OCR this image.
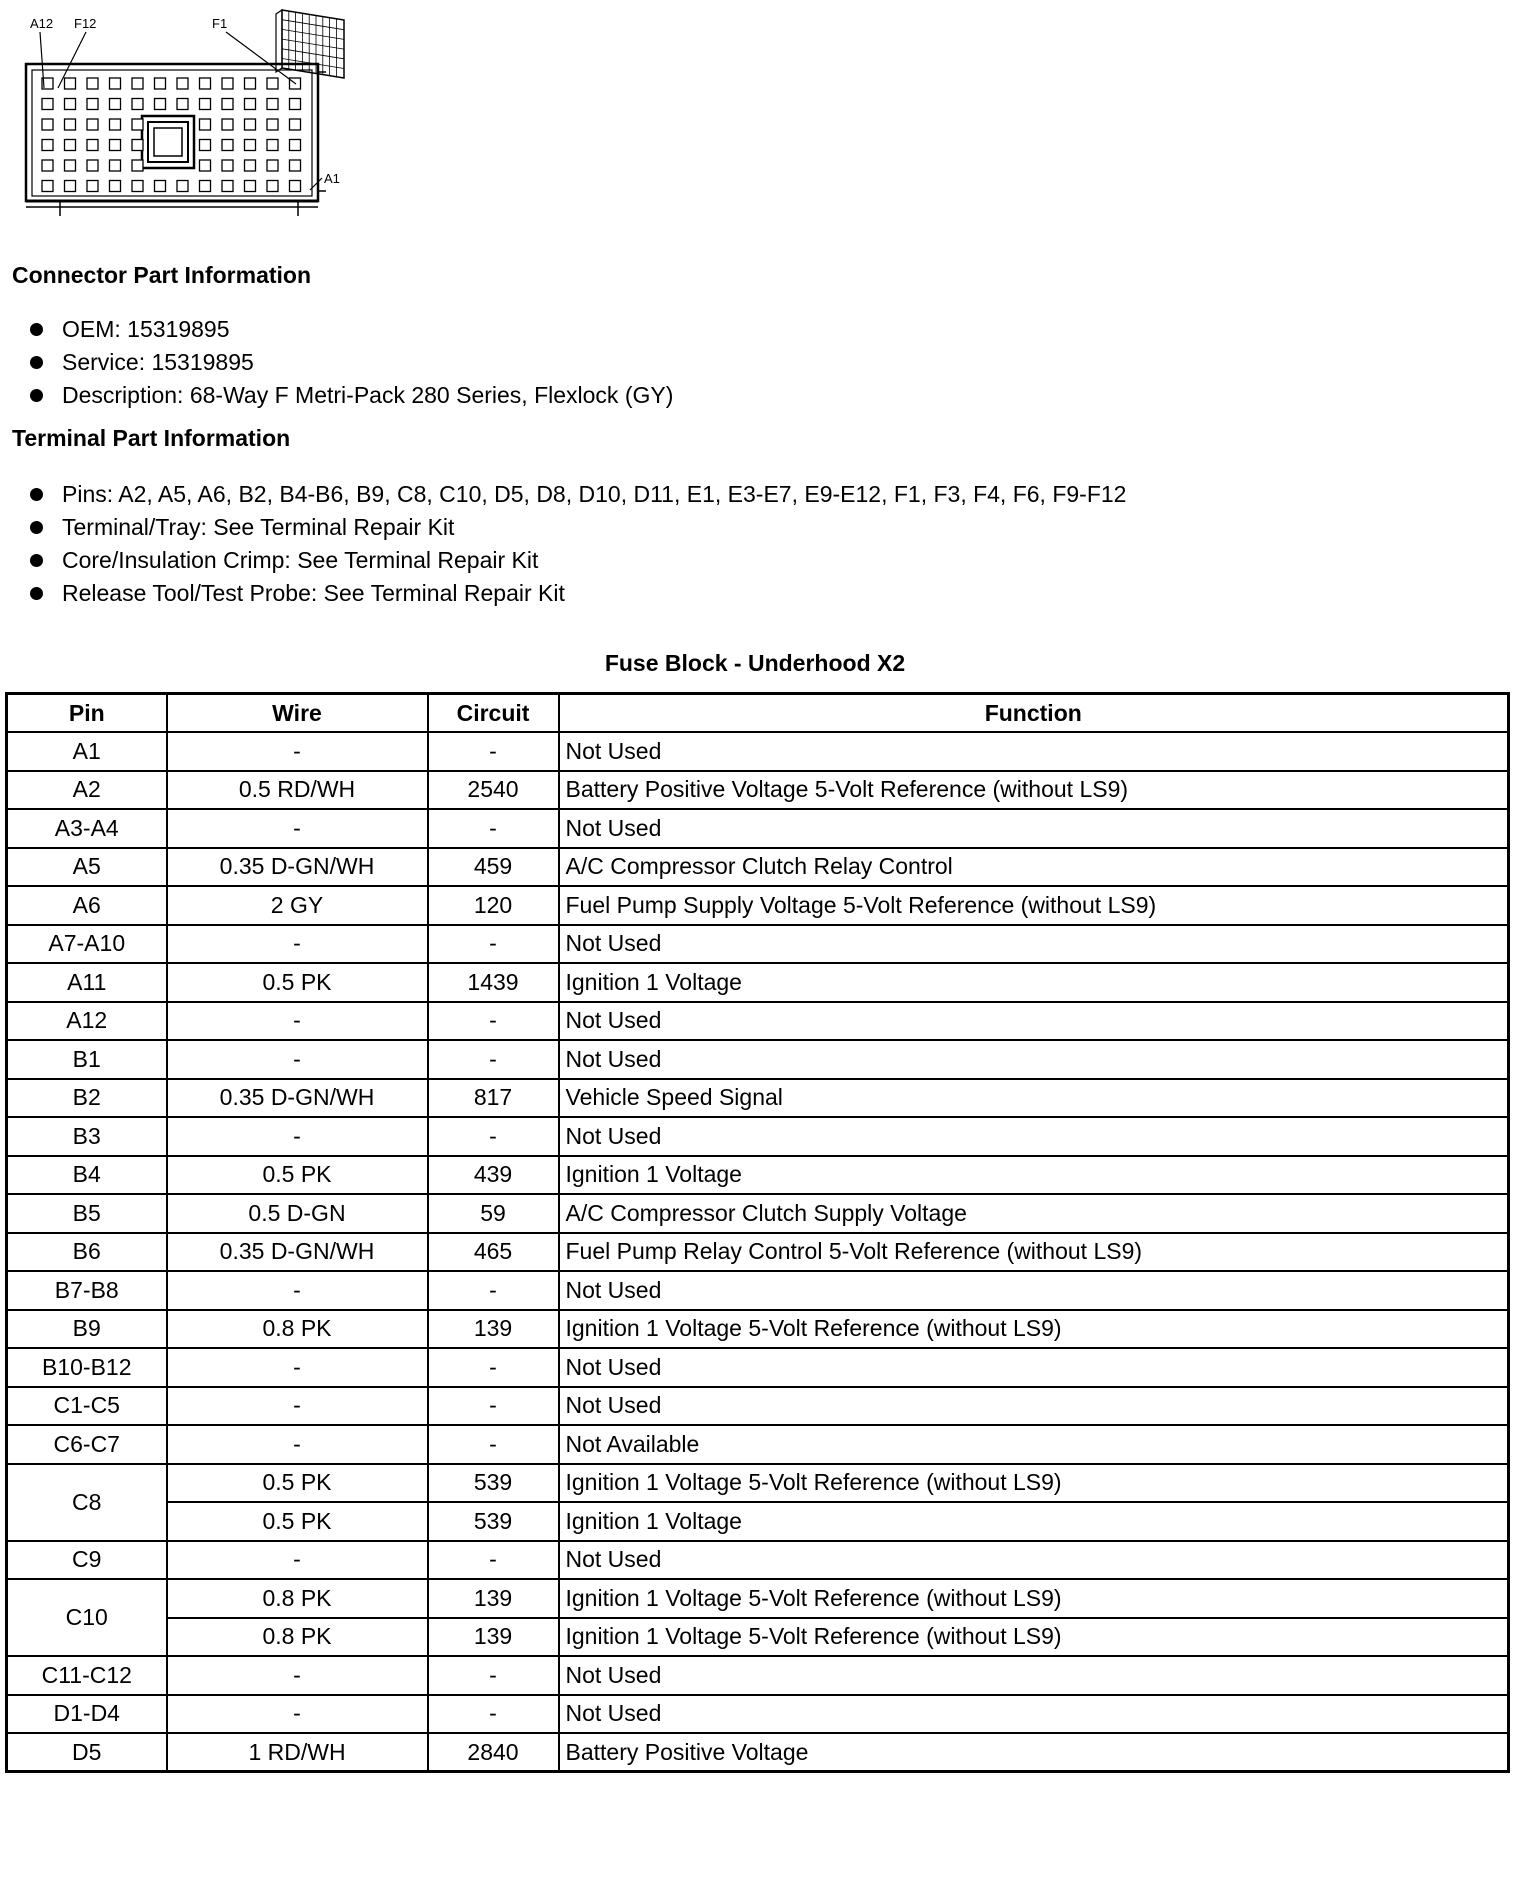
A12 F12	F1
A1
Connector Part Information
OEM: 15319895
Service: 15319895
Description: 68-Way F Metri-Pack 280 Series, Flexlock (GY)
Terminal Part Information
Pins: A2, A5, A6, B2, B4-B6, B9, C8, C10, D5, D8, D10, D11, E1, E3-E7, E9-E12, F1, F3, F4, F6, F9-F12
Terminal/Tray: See Terminal Repair Kit
Core/Insulation Crimp: See Terminal Repair Kit
Release Tool/Test Probe: See Terminal Repair Kit
Fuse Block - Underhood X2
Pin	Wire	Circuit	Function
A1	-	-	Not Used
A2	0.5 RD/WH	2540	Battery Positive Voltage 5-Volt Reference (without LS9)
A3-A4	-	-	Not Used
A5	0.35 D-GN/WH	459	A/C Compressor Clutch Relay Control
A6	2 GY	120	Fuel Pump Supply Voltage 5-Volt Reference (without LS9)
A7-A10	-	-	Not Used
A11	0.5 PK	1439	Ignition 1 Voltage
A12	-	-	Not Used
B1	-	-	Not Used
B2	0.35 D-GN/WH	817	Vehicle Speed Signal
B3	-	-	Not Used
B4	0.5 PK	439	Ignition 1 Voltage
B5	0.5 D-GN	59	A/C Compressor Clutch Supply Voltage
B6	0.35 D-GN/WH	465	Fuel Pump Relay Control 5-Volt Reference (without LS9)
B7-B8	-	-	Not Used
B9	0.8 PK	139	Ignition 1 Voltage 5-Volt Reference (without LS9)
B10-B12	-	-	Not Used
C1-C5	-	-	Not Used
C6-C7	-	-	Not Available
C8	0.5 PK	539	Ignition 1 Voltage 5-Volt Reference (without LS9)
	0.5 PK	539	Ignition 1 Voltage
C9	-	-	Not Used
C10	0.8 PK	139	Ignition 1 Voltage 5-Volt Reference (without LS9)
	0.8 PK	139	Ignition 1 Voltage 5-Volt Reference (without LS9)
C11-C12	-	-	Not Used
D1-D4	-	-	Not Used
D5	1 RD/WH	2840	Battery Positive Voltage
